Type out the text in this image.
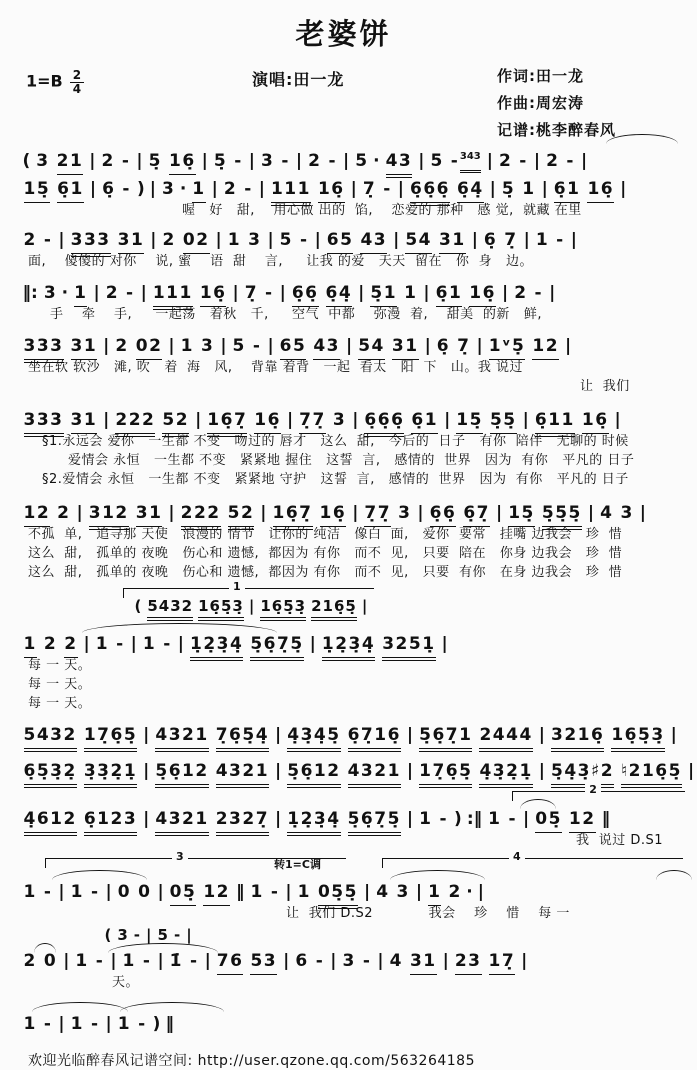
老婆饼
$1=B \frac{2}{4}$	演唱:田一龙	作词:田一龙
作曲:周宏涛
记谱:桃李醉春风
( 3 21 | 2 - | 5̣ 16̣ | 5̣ - | 3 - | 2 - | 5 · 43 | 5 -343 | 2 - | 2 - |
15̣ 6̣1 | 6̣ - ) | 3 · 1 | 2 - | 111 16̣ | 7̣ - | 6̣6̣6̣ 6̣4̣ | 5̣ 1 | 6̣1 16̣ |
喔   好   甜,    用心做 出的  馅,    恋爱的 那种   感 觉,  就藏 在里
2 - | 333 31 | 2 02 | 1 3 | 5 - | 65 43 | 54 31 | 6̣ 7̣ | 1 - |
面,    傻傻的 对你    说, 蜜    语  甜    言,     让我 的爱   天天  留在   你  身   边。
‖: 3 · 1 | 2 - | 111 16̣ | 7̣ - | 6̣6̣ 6̣4̣ | 5̣1 1 | 6̣1 16̣ | 2 - |
手    牵    手,     一起荡   着秋   千,     空气  中都    弥漫  着,    甜美  的新   鲜,
333 31 | 2 02 | 1 3 | 5 - | 65 43 | 54 31 | 6̣ 7̣ | 1ᵛ5̣ 12 |
坐在软 软沙   滩, 吹   着  海   风,    背靠 着背   一起  看太   阳  下   山。我 说过
让  我们
333 31 | 222 52 | 16̣7̣ 16̣ | 7̣7̣ 3 | 6̣6̣6̣ 6̣1 | 15̣ 5̣5̣ | 6̣11 16̣ |
§1.永远会 爱你   一生都 不变   吻过的 唇才   这么  甜,   今后的  日子   有你  陪伴   无聊的 时候
爱情会 永恒   一生都 不变   紧紧地 握住   这誓  言,   感情的  世界   因为  有你   平凡的 日子
§2.爱情会 永恒   一生都 不变   紧紧地 守护   这誓  言,   感情的  世界   因为  有你   平凡的 日子
12 2 | 312 31 | 222 52 | 16̣7̣ 16̣ | 7̣7̣ 3 | 6̣6̣ 6̣7̣ | 15̣ 5̣5̣5̣ | 4 3 |
不孤  单,   追寻那 天使   浪漫的 情节   让你的 纯洁   像白  面,   爱你  要常   挂嘴 边我会   珍  惜
这么  甜,   孤单的 夜晚   伤心和 遗憾,  都因为 有你   而不  见,   只要  陪在   你身 边我会   珍  惜
这么  甜,   孤单的 夜晚   伤心和 遗憾,  都因为 有你   而不  见,   只要  有你   在身 边我会   珍  惜
1
( 5432 16̣5̣3̣ | 16̣5̣3̣ 216̣5̣ |
1 2 2 | 1 - | 1 - | 1̣2̣3̣4̣ 5̣6̣7̣5̣ | 1̣2̣3̣4̣ 3251̣ |
每 一 天。
每 一 天。
每 一 天。
5432 17̣6̣5̣ | 4321 7̣6̣5̣4̣ | 4̣3̣4̣5̣ 6̣7̣16̣ | 5̣6̣7̣1 2444 | 3216̣ 16̣5̣3̣ |
6̣5̣3̣2̣ 3̣3̣2̣1̣ | 5̣6̣12 4321 | 5̣6̣12 4321 | 17̣6̣5̣ 4̣3̣2̣1̣ | 5̣4̣3̣♯2 ♮216̣5̣ |
2
4̣612 6̣123 | 4321 2327̣ | 1̣2̣3̣4̣ 5̣6̣7̣5̣ | 1 - ) :‖ 1 - | 05̣ 12 ‖
我  说过 D.S1
3
转1=C调
4
1 - | 1 - | 0 0 | 05̣ 12 ‖ 1 - | 1 05̣5̣ | 4 3 | 1 2 · |
让  我们 D.S2            我会    珍    惜    每 一
( 3 - | 5 - |
2 0 | 1 - | 1 - | 1̇ - | 76 53 | 6 - | 3 - | 4 31 | 23 17̣ |
天。
1 - | 1 - | 1 - ) ‖
欢迎光临醉春风记谱空间: http://user.qzone.qq.com/563264185
